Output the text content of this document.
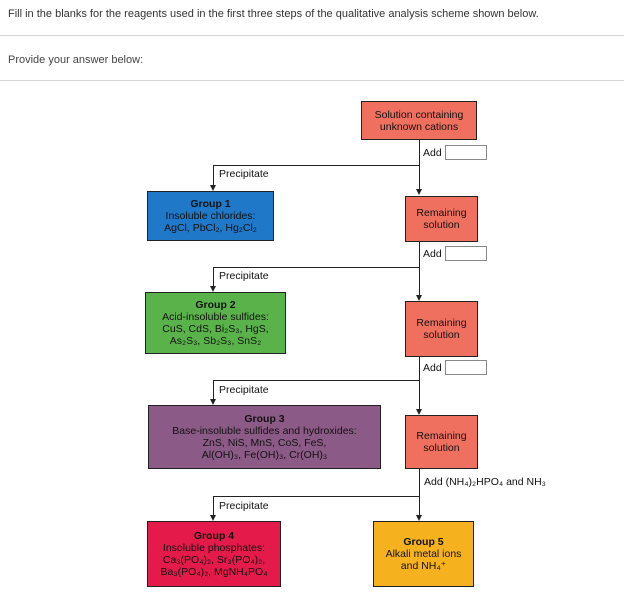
Fill in the blanks for the reagents used in the first three steps of the qualitative analysis scheme shown below.
Provide your answer below:
Solution containing
unknown cations
Add
Precipitate
Group 1
Insoluble chlorides:
AgCl, PbCl₂, Hg₂Cl₂
Remaining
solution
Add
Precipitate
Group 2
Acid-insoluble sulfides:
CuS, CdS, Bi₂S₃, HgS,
As₂S₃, Sb₂S₃, SnS₂
Remaining
solution
Add
Precipitate
Group 3
Base-insoluble sulfides and hydroxides:
ZnS, NiS, MnS, CoS, FeS,
Al(OH)₃, Fe(OH)₃, Cr(OH)₃
Remaining
solution
Add (NH₄)₂HPO₄ and NH₃
Precipitate
Group 4
Insoluble phosphates:
Ca₃(PO₄)₂, Sr₃(PO₄)₂,
Ba₃(PO₄)₂, MgNH₄PO₄
Group 5
Alkali metal ions
and NH₄⁺
